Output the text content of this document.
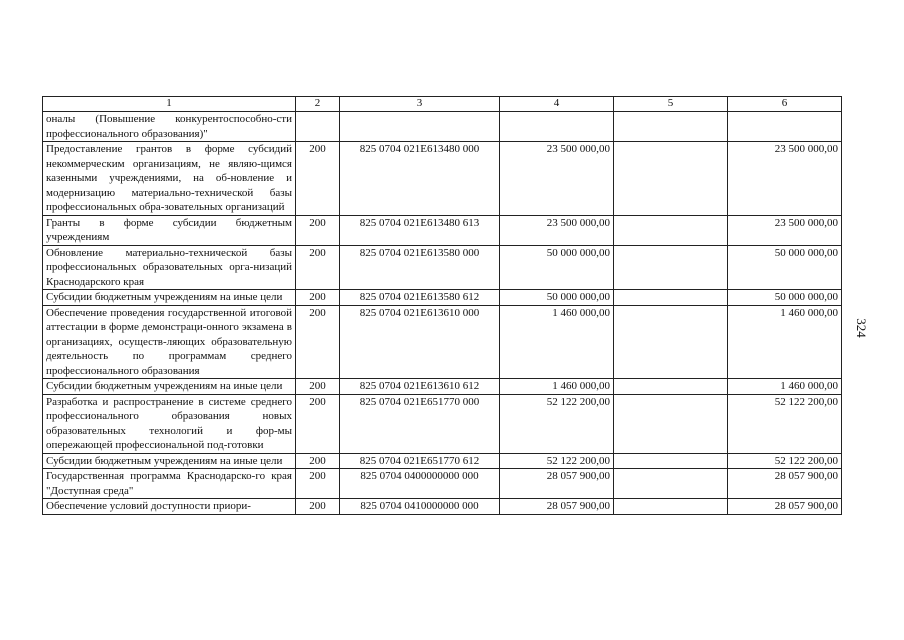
1	2	3	4	5	6
оналы (Повышение конкурентоспособно-сти профессионального образования)"					
Предоставление грантов в форме субсидий некоммерческим организациям, не являю-щимся казенными учреждениями, на об-новление и модернизацию материально-технической базы профессиональных обра-зовательных организаций	200	825 0704 021E613480 000	23 500 000,00		23 500 000,00
Гранты в форме субсидии бюджетным учреждениям	200	825 0704 021E613480 613	23 500 000,00		23 500 000,00
Обновление материально-технической базы профессиональных образовательных орга-низаций Краснодарского края	200	825 0704 021E613580 000	50 000 000,00		50 000 000,00
Субсидии бюджетным учреждениям на иные цели	200	825 0704 021E613580 612	50 000 000,00		50 000 000,00
Обеспечение проведения государственной итоговой аттестации в форме демонстраци-онного экзамена в организациях, осуществ-ляющих образовательную деятельность по программам среднего профессионального образования	200	825 0704 021E613610 000	1 460 000,00		1 460 000,00
Субсидии бюджетным учреждениям на иные цели	200	825 0704 021E613610 612	1 460 000,00		1 460 000,00
Разработка и распространение в системе среднего профессионального образования новых образовательных технологий и фор-мы опережающей профессиональной под-готовки	200	825 0704 021E651770 000	52 122 200,00		52 122 200,00
Субсидии бюджетным учреждениям на иные цели	200	825 0704 021E651770 612	52 122 200,00		52 122 200,00
Государственная программа Краснодарско-го края "Доступная среда"	200	825 0704 0400000000 000	28 057 900,00		28 057 900,00
Обеспечение условий доступности приори-	200	825 0704 0410000000 000	28 057 900,00		28 057 900,00
324
